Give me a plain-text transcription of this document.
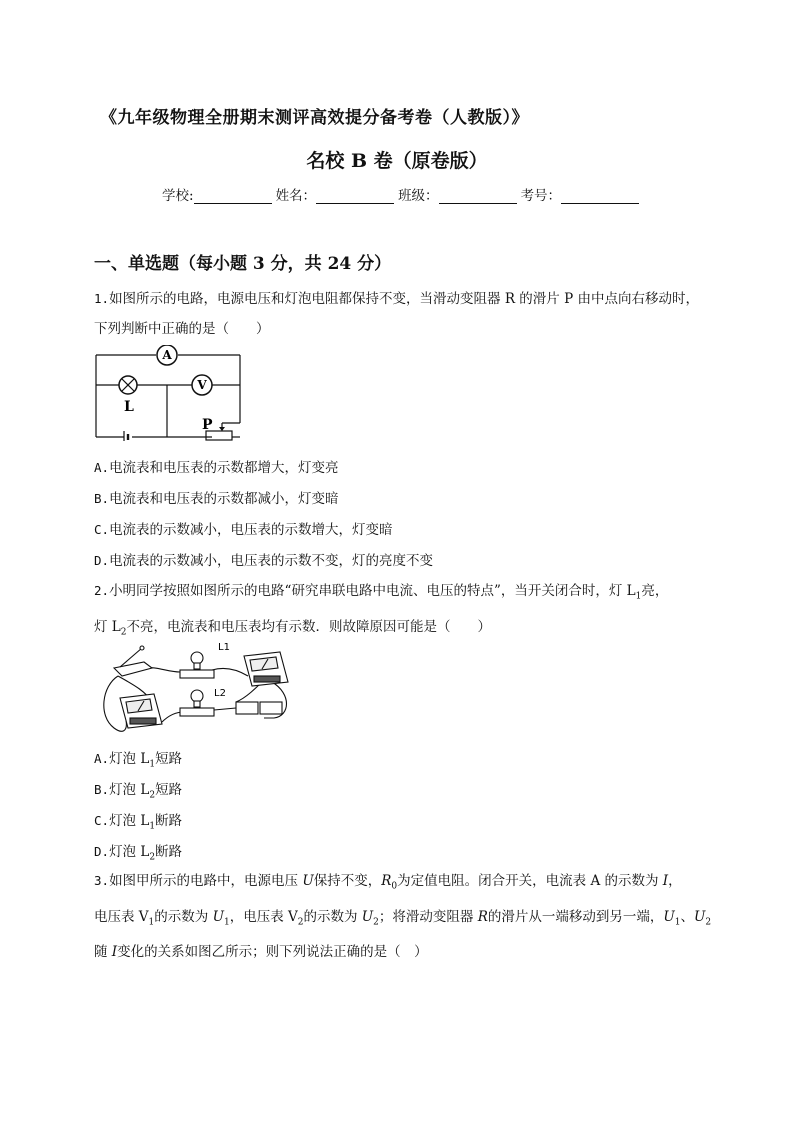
《九年级物理全册期末测评高效提分备考卷（人教版）》
名校 B 卷（原卷版）
学校:	姓名：	班级：	考号：
一、单选题（每小题 3 分，共 24 分）

1.如图所示的电路，电源电压和灯泡电阻都保持不变，当滑动变阻器 R 的滑片 P 由中点向右移动时，

下列判断中正确的是（　　）

A
V
L
P
A.电流表和电压表的示数都增大，灯变亮
B.电流表和电压表的示数都减小，灯变暗
C.电流表的示数减小，电压表的示数增大，灯变暗
D.电流表的示数减小，电压表的示数不变，灯的亮度不变

2.小明同学按照如图所示的电路“研究串联电路中电流、电压的特点”，当开关闭合时，灯 $L_1$亮，

灯 $L_2$不亮，电流表和电压表均有示数．则故障原因可能是（　　）

L1
L2
A.灯泡 $L_1$短路
B.灯泡 $L_2$短路
C.灯泡 $L_1$断路
D.灯泡 $L_2$断路

3.如图甲所示的电路中，电源电压 U保持不变，$R_0$为定值电阻。闭合开关，电流表 A 的示数为 I，

电压表 $V_1$的示数为 $U_1$，电压表 $V_2$的示数为 $U_2$；将滑动变阻器 R的滑片从一端移动到另一端，$U_1$、$U_2$

随 I变化的关系如图乙所示；则下列说法正确的是（　）
